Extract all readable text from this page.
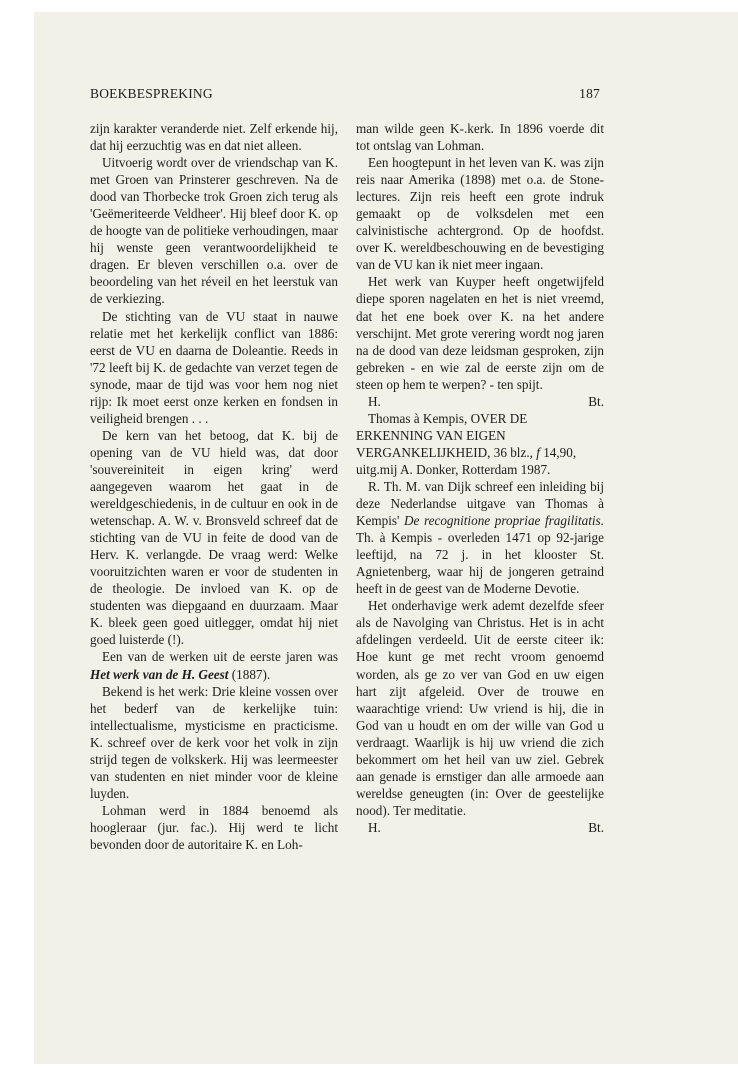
BOEKBESPREKING	187

zijn karakter veranderde niet. Zelf erkende hij, dat hij eerzuchtig was en dat niet alleen.

Uitvoerig wordt over de vriendschap van K. met Groen van Prinsterer geschreven. Na de dood van Thorbecke trok Groen zich terug als 'Geëmeriteerde Veldheer'. Hij bleef door K. op de hoogte van de politieke verhoudingen, maar hij wenste geen verantwoordelijkheid te dragen. Er bleven verschillen o.a. over de beoordeling van het réveil en het leerstuk van de verkiezing.

De stichting van de VU staat in nauwe relatie met het kerkelijk conflict van 1886: eerst de VU en daarna de Doleantie. Reeds in '72 leeft bij K. de gedachte van verzet tegen de synode, maar de tijd was voor hem nog niet rijp: Ik moet eerst onze kerken en fondsen in veiligheid brengen . . .

De kern van het betoog, dat K. bij de opening van de VU hield was, dat door 'souvereiniteit in eigen kring' werd aangegeven waarom het gaat in de wereldgeschiedenis, in de cultuur en ook in de wetenschap. A. W. v. Bronsveld schreef dat de stichting van de VU in feite de dood van de Herv. K. verlangde. De vraag werd: Welke vooruitzichten waren er voor de studenten in de theologie. De invloed van K. op de studenten was diepgaand en duurzaam. Maar K. bleek geen goed uitlegger, omdat hij niet goed luisterde (!).

Een van de werken uit de eerste jaren was Het werk van de H. Geest (1887).

Bekend is het werk: Drie kleine vossen over het bederf van de kerkelijke tuin: intellectualisme, mysticisme en practicisme. K. schreef over de kerk voor het volk in zijn strijd tegen de volkskerk. Hij was leermeester van studenten en niet minder voor de kleine luyden.

Lohman werd in 1884 benoemd als hoogleraar (jur. fac.). Hij werd te licht bevonden door de autoritaire K. en Loh-

man wilde geen K-.kerk. In 1896 voerde dit tot ontslag van Lohman.

Een hoogtepunt in het leven van K. was zijn reis naar Amerika (1898) met o.a. de Stone-lectures. Zijn reis heeft een grote indruk gemaakt op de volksdelen met een calvinistische achtergrond. Op de hoofdst. over K. wereldbeschouwing en de bevestiging van de VU kan ik niet meer ingaan.

Het werk van Kuyper heeft ongetwijfeld diepe sporen nagelaten en het is niet vreemd, dat het ene boek over K. na het andere verschijnt. Met grote verering wordt nog jaren na de dood van deze leidsman gesproken, zijn gebreken - en wie zal de eerste zijn om de steen op hem te werpen? - ten spijt.

H.	Bt.

Thomas à Kempis, OVER DE ERKENNING VAN EIGEN VERGANKELIJKHEID, 36 blz., f 14,90, uitg.mij A. Donker, Rotterdam 1987.

R. Th. M. van Dijk schreef een inleiding bij deze Nederlandse uitgave van Thomas à Kempis' De recognitione propriae fragilitatis. Th. à Kempis - overleden 1471 op 92-jarige leeftijd, na 72 j. in het klooster St. Agnietenberg, waar hij de jongeren getraind heeft in de geest van de Moderne Devotie.

Het onderhavige werk ademt dezelfde sfeer als de Navolging van Christus. Het is in acht afdelingen verdeeld. Uit de eerste citeer ik: Hoe kunt ge met recht vroom genoemd worden, als ge zo ver van God en uw eigen hart zijt afgeleid. Over de trouwe en waarachtige vriend: Uw vriend is hij, die in God van u houdt en om der wille van God u verdraagt. Waarlijk is hij uw vriend die zich bekommert om het heil van uw ziel. Gebrek aan genade is ernstiger dan alle armoede aan wereldse geneugten (in: Over de geestelijke nood). Ter meditatie.

H.	Bt.
